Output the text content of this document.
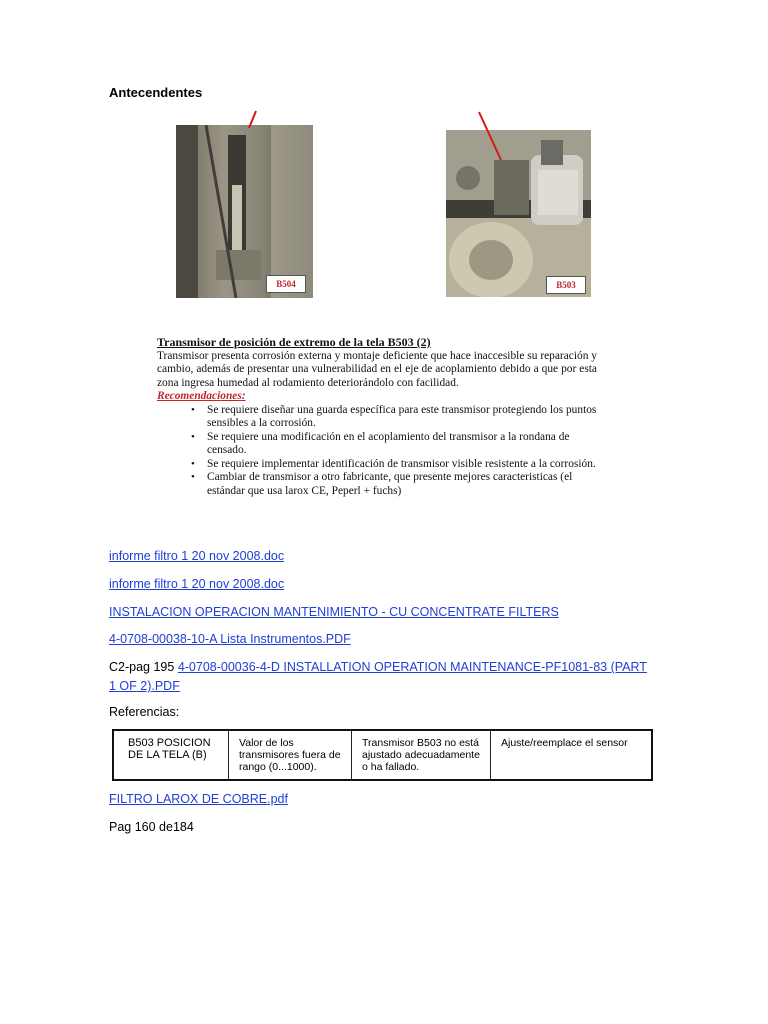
Antecendentes
B504	B503
Transmisor de posición de extremo de la tela B503 (2)
Transmisor presenta corrosión externa y montaje deficiente que hace inaccesible su reparación y cambio, además de presentar una vulnerabilidad en el eje de acoplamiento debido a que por esta zona ingresa humedad al rodamiento deteriorándolo con facilidad.
Recomendaciones:
• Se requiere diseñar una guarda específica para este transmisor protegiendo los puntos sensibles a la corrosión.
• Se requiere una modificación en el acoplamiento del transmisor a la rondana de censado.
• Se requiere implementar identificación de transmisor visible resistente a la corrosión.
• Cambiar de transmisor a otro fabricante, que presente mejores caracteristicas (el estándar que usa larox CE, Peperl + fuchs)
informe filtro 1 20 nov 2008.doc
informe filtro 1 20 nov 2008.doc
INSTALACION OPERACION MANTENIMIENTO - CU CONCENTRATE FILTERS
4-0708-00038-10-A Lista Instrumentos.PDF
C2-pag 195 4-0708-00036-4-D INSTALLATION OPERATION MAINTENANCE-PF1081-83 (PART 1 OF 2).PDF
Referencias:
B503 POSICION DE LA TELA (B)	Valor de los transmisores fuera de rango (0...1000).	Transmisor B503 no está ajustado adecuadamente o ha fallado.	Ajuste/reemplace el sensor
FILTRO LAROX DE COBRE.pdf
Pag 160 de184
